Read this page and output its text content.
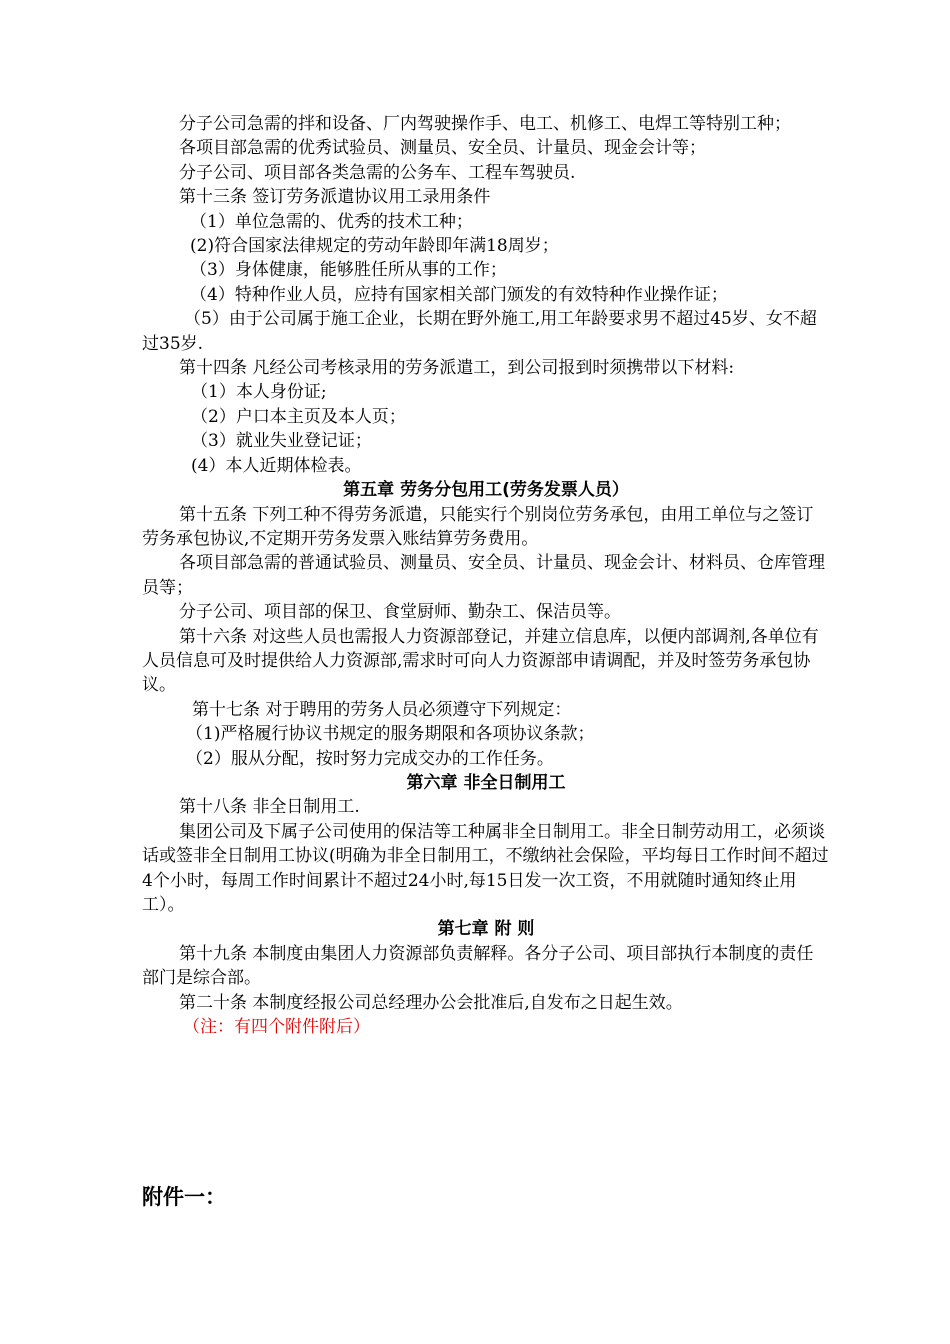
分子公司急需的拌和设备、厂内驾驶操作手、电工、机修工、电焊工等特别工种；

各项目部急需的优秀试验员、测量员、安全员、计量员、现金会计等；

分子公司、项目部各类急需的公务车、工程车驾驶员.

第十三条 签订劳务派遣协议用工录用条件

（1）单位急需的、优秀的技术工种；

(2)符合国家法律规定的劳动年龄即年满18周岁；

（3）身体健康，能够胜任所从事的工作；

（4）特种作业人员，应持有国家相关部门颁发的有效特种作业操作证；

（5）由于公司属于施工企业，长期在野外施工,用工年龄要求男不超过45岁、女不超过35岁.

第十四条 凡经公司考核录用的劳务派遣工，到公司报到时须携带以下材料:

（1）本人身份证;

（2）户口本主页及本人页；

（3）就业失业登记证；

(4）本人近期体检表。

第五章 劳务分包用工(劳务发票人员）

第十五条 下列工种不得劳务派遣，只能实行个别岗位劳务承包，由用工单位与之签订劳务承包协议,不定期开劳务发票入账结算劳务费用。

各项目部急需的普通试验员、测量员、安全员、计量员、现金会计、材料员、仓库管理员等；

分子公司、项目部的保卫、食堂厨师、勤杂工、保洁员等。

第十六条 对这些人员也需报人力资源部登记，并建立信息库，以便内部调剂,各单位有人员信息可及时提供给人力资源部,需求时可向人力资源部申请调配，并及时签劳务承包协议。

第十七条 对于聘用的劳务人员必须遵守下列规定：

（1)严格履行协议书规定的服务期限和各项协议条款；

（2）服从分配，按时努力完成交办的工作任务。

第六章 非全日制用工

第十八条 非全日制用工.

集团公司及下属子公司使用的保洁等工种属非全日制用工。非全日制劳动用工，必须谈话或签非全日制用工协议(明确为非全日制用工，不缴纳社会保险，平均每日工作时间不超过4个小时，每周工作时间累计不超过24小时,每15日发一次工资，不用就随时通知终止用工）。

第七章 附 则

第十九条 本制度由集团人力资源部负责解释。各分子公司、项目部执行本制度的责任部门是综合部。

第二十条 本制度经报公司总经理办公会批准后,自发布之日起生效。

（注：有四个附件附后）

附件一：
